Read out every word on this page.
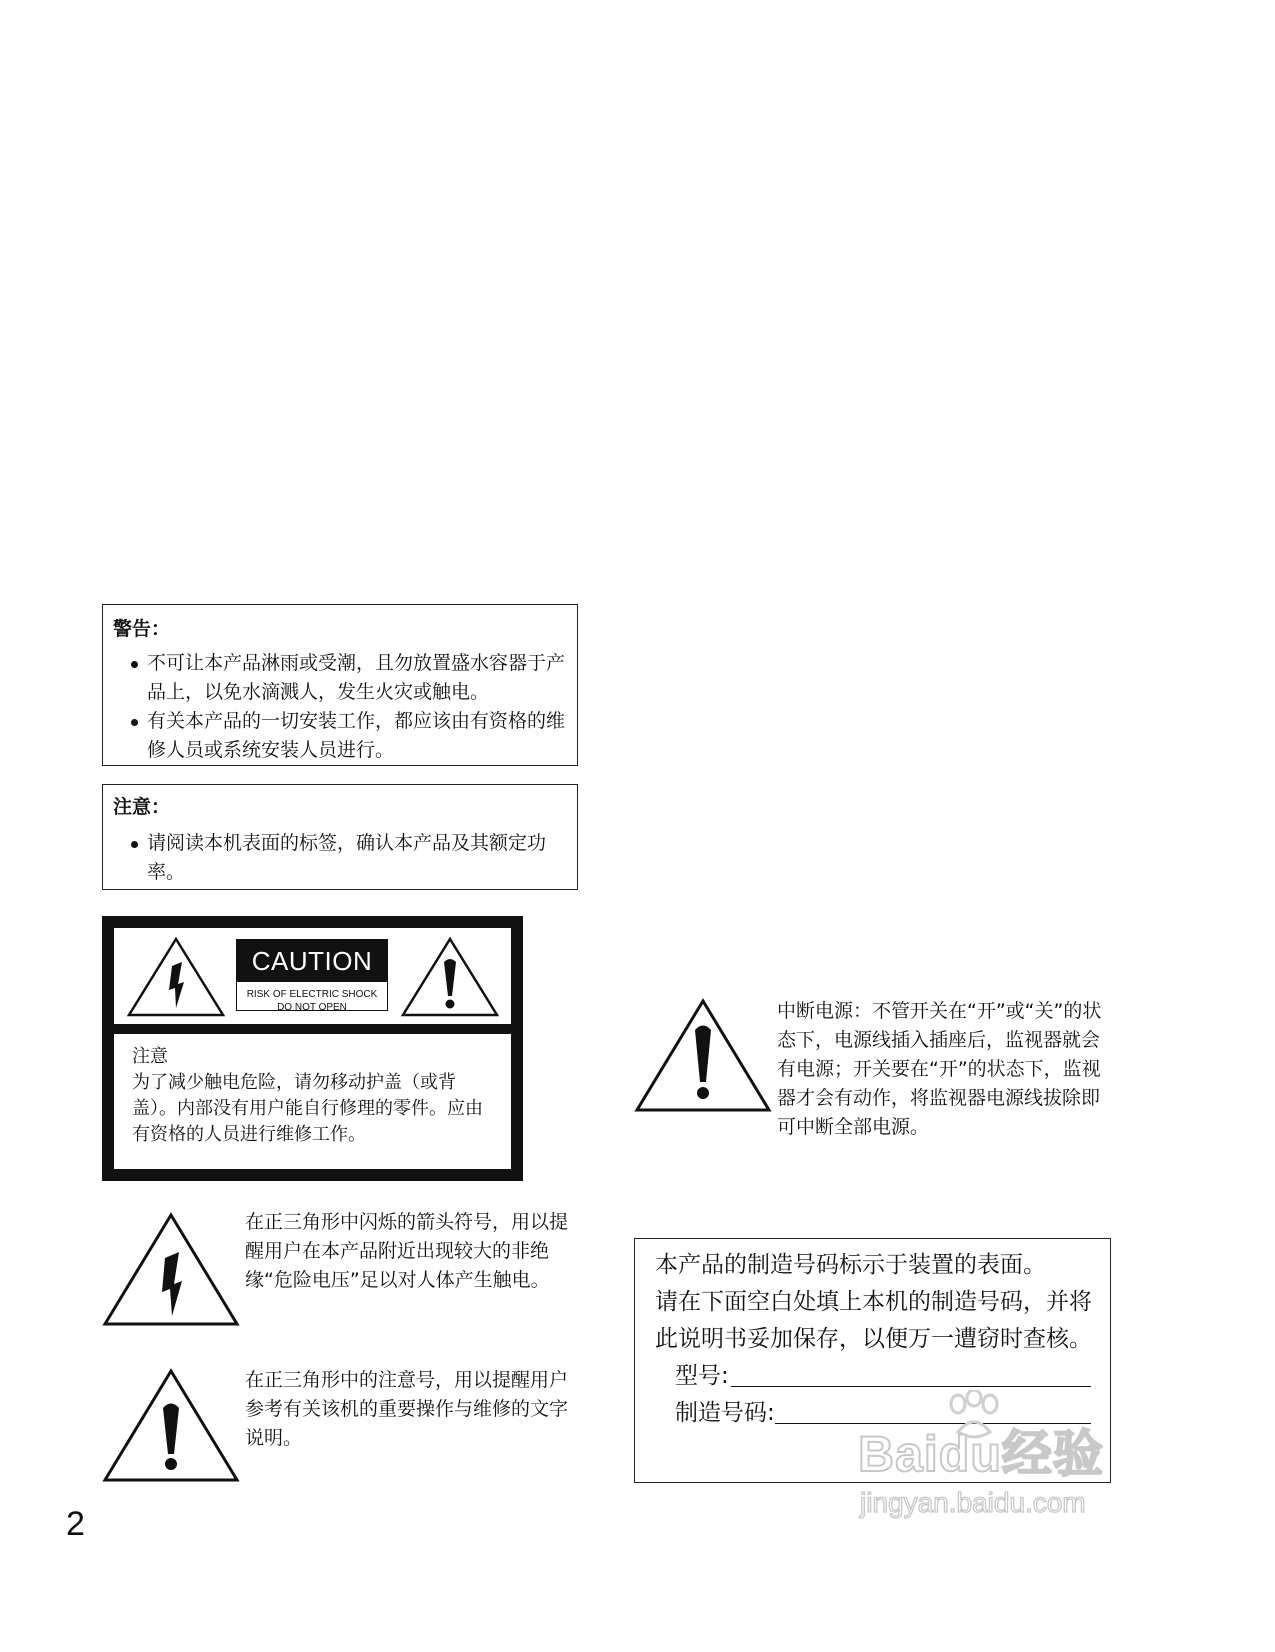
警告：
不可让本产品淋雨或受潮，且勿放置盛水容器于产品上，以免水滴溅人，发生火灾或触电。
有关本产品的一切安装工作，都应该由有资格的维修人员或系统安装人员进行。
注意：
请阅读本机表面的标签，确认本产品及其额定功率。
CAUTION
RISK OF ELECTRIC SHOCK
DO NOT OPEN
注意
为了减少触电危险，请勿移动护盖（或背盖）。内部没有用户能自行修理的零件。应由有资格的人员进行维修工作。
在正三角形中闪烁的箭头符号，用以提醒用户在本产品附近出现较大的非绝缘“危险电压”足以对人体产生触电。
在正三角形中的注意号，用以提醒用户参考有关该机的重要操作与维修的文字说明。
中断电源：不管开关在“开”或“关”的状态下，电源线插入插座后，监视器就会有电源；开关要在“开”的状态下，监视器才会有动作，将监视器电源线拔除即可中断全部电源。
本产品的制造号码标示于装置的表面。
请在下面空白处填上本机的制造号码，并将此说明书妥加保存，以便万一遭窃时查核。
型号:
制造号码:
Baidu经验
jingyan.baidu.com
2
